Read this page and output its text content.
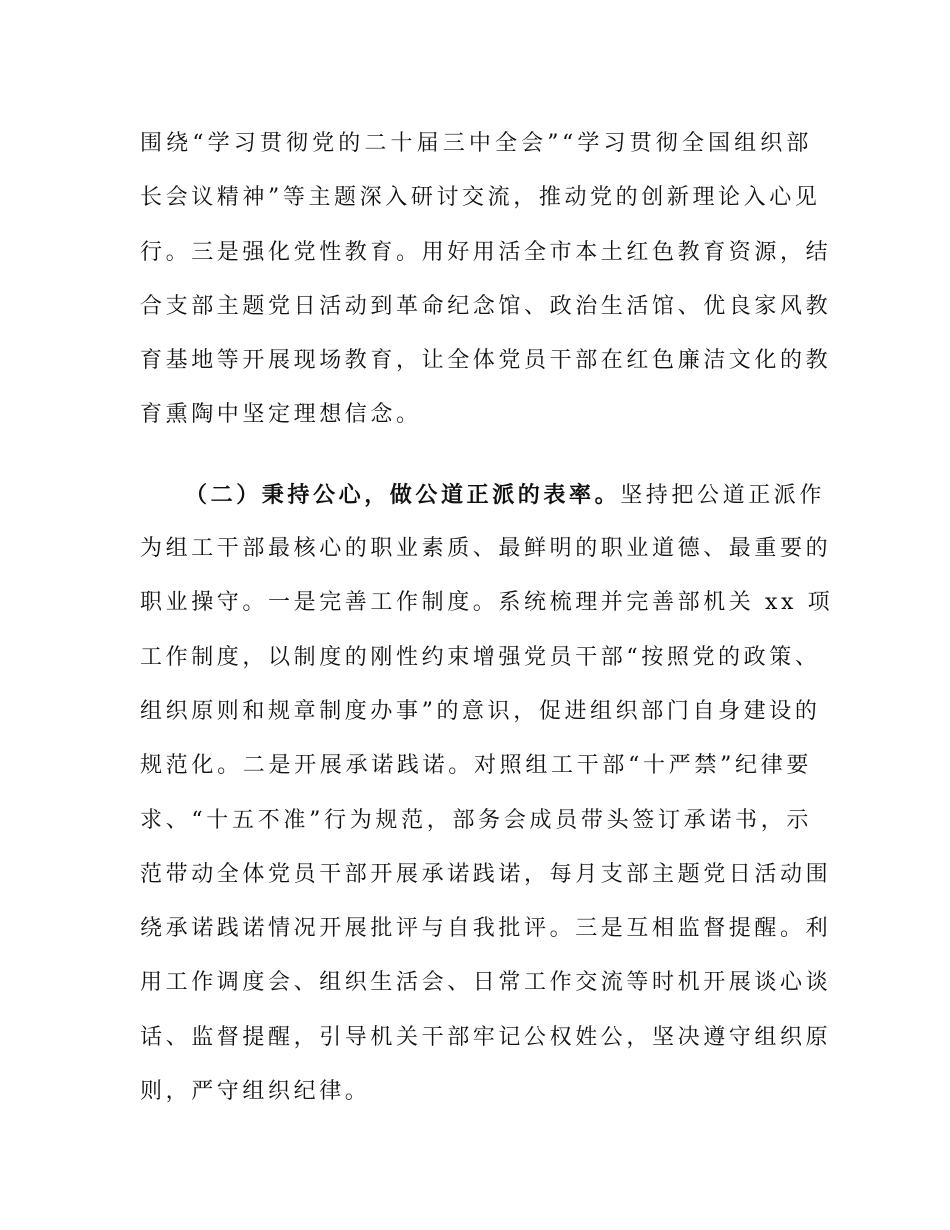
围绕“学习贯彻党的二十届三中全会”“学习贯彻全国组织部
长会议精神”等主题深入研讨交流，推动党的创新理论入心见
行。三是强化党性教育。用好用活全市本土红色教育资源，结
合支部主题党日活动到革命纪念馆、政治生活馆、优良家风教
育基地等开展现场教育，让全体党员干部在红色廉洁文化的教
育熏陶中坚定理想信念。
（二）秉持公心，做公道正派的表率。坚持把公道正派作
为组工干部最核心的职业素质、最鲜明的职业道德、最重要的
职业操守。一是完善工作制度。系统梳理并完善部机关 xx 项
工作制度，以制度的刚性约束增强党员干部“按照党的政策、
组织原则和规章制度办事”的意识，促进组织部门自身建设的
规范化。二是开展承诺践诺。对照组工干部“十严禁”纪律要
求、“十五不准”行为规范，部务会成员带头签订承诺书，示
范带动全体党员干部开展承诺践诺，每月支部主题党日活动围
绕承诺践诺情况开展批评与自我批评。三是互相监督提醒。利
用工作调度会、组织生活会、日常工作交流等时机开展谈心谈
话、监督提醒，引导机关干部牢记公权姓公，坚决遵守组织原
则，严守组织纪律。
